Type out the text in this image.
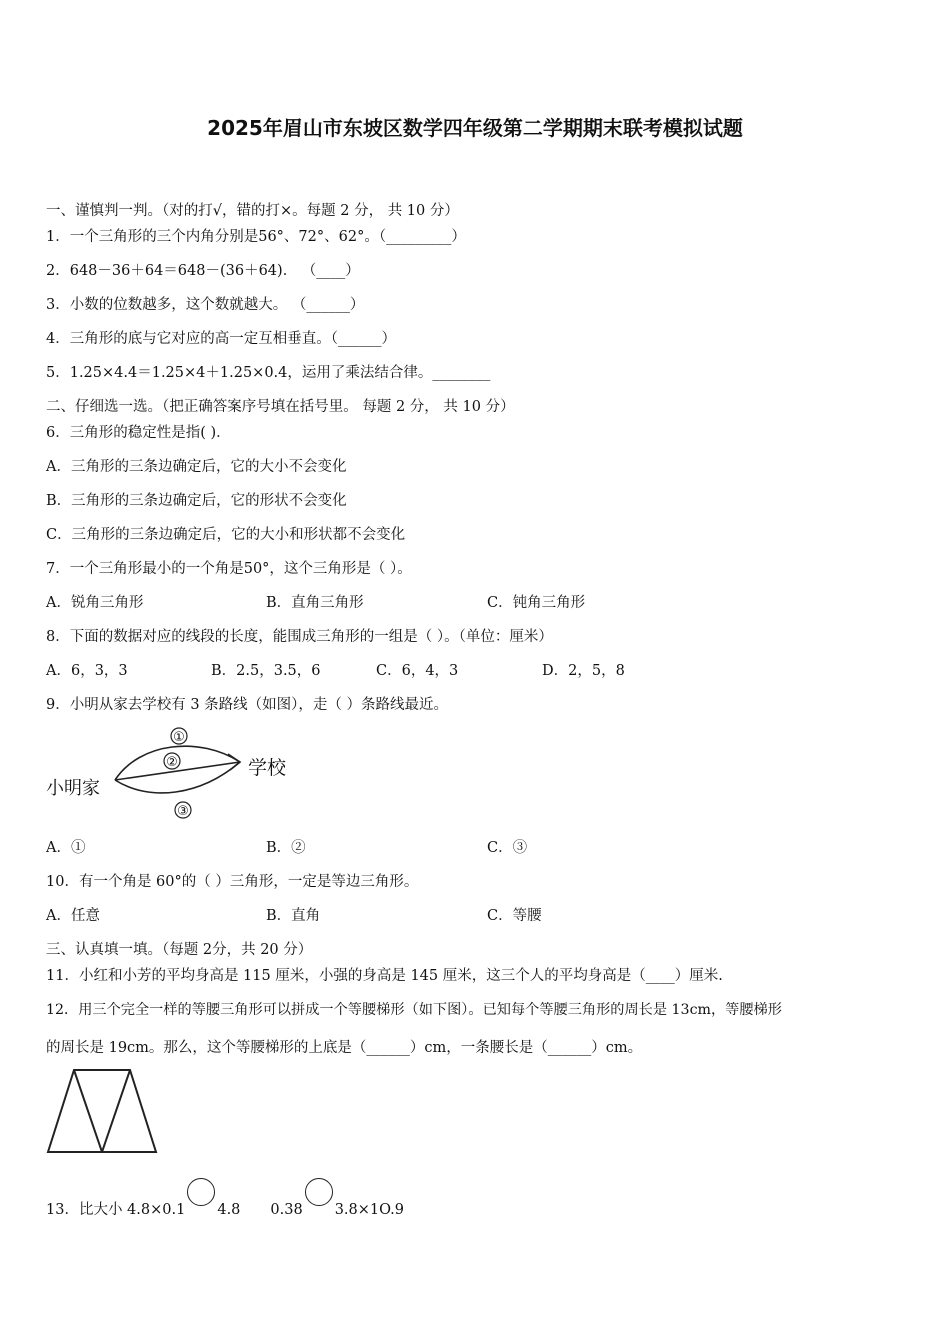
2025年眉山市东坡区数学四年级第二学期期末联考模拟试题
一、谨慎判一判。（对的打√，错的打×。每题 2 分， 共 10 分）
1．一个三角形的三个内角分别是56°、72°、62°。（_________）
2．648－36＋64＝648－(36＋64)． （____）
3．小数的位数越多，这个数就越大。 （______）
4．三角形的底与它对应的高一定互相垂直。（______）
5．1.25×4.4＝1.25×4＋1.25×0.4，运用了乘法结合律。________
二、仔细选一选。（把正确答案序号填在括号里。 每题 2 分， 共 10 分）
6．三角形的稳定性是指( )．
A．三角形的三条边确定后，它的大小不会变化
B．三角形的三条边确定后，它的形状不会变化
C．三角形的三条边确定后，它的大小和形状都不会变化
7．一个三角形最小的一个角是50°，这个三角形是（ ）。
A．锐角三角形	B．直角三角形	C．钝角三角形
8．下面的数据对应的线段的长度，能围成三角形的一组是（ ）。（单位：厘米）
A．6，3，3	B．2.5，3.5，6	C．6，4，3	D．2，5，8
9．小明从家去学校有 3 条路线（如图），走（ ）条路线最近。
①
②
③
小明家
学校
A．①	B．②	C．③
10．有一个角是 60°的（ ）三角形，一定是等边三角形。
A．任意	B．直角	C．等腰
三、认真填一填。（每题 2分，共 20 分）
11．小红和小芳的平均身高是 115 厘米，小强的身高是 145 厘米，这三个人的平均身高是（____）厘米.
12．用三个完全一样的等腰三角形可以拼成一个等腰梯形（如下图）。已知每个等腰三角形的周长是 13cm，等腰梯形
的周长是 19cm。那么，这个等腰梯形的上底是（______）cm，一条腰长是（______）cm。
13．比大小 4.8×0.1 4.8 0.38 3.8×1O.9
